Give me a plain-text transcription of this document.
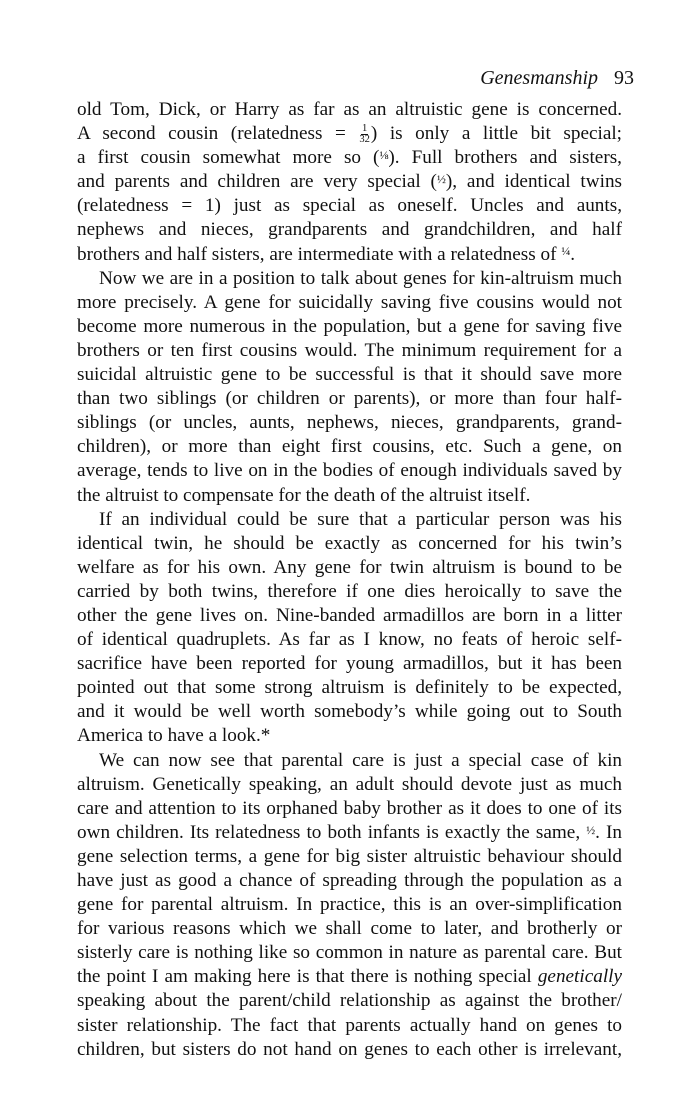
Genesmanship 93
old Tom, Dick, or Harry as far as an altruistic gene is concerned.
A second cousin (relatedness = $\frac{1}{32}$ ) is only a little bit special;
a first cousin somewhat more so (⅛). Full brothers and sisters,
and parents and children are very special (½), and identical twins
(relatedness = 1) just as special as oneself. Uncles and aunts,
nephews and nieces, grandparents and grandchildren, and half
brothers and half sisters, are intermediate with a relatedness of ¼.
Now we are in a position to talk about genes for kin-altruism much
more precisely. A gene for suicidally saving five cousins would not
become more numerous in the population, but a gene for saving five
brothers or ten first cousins would. The minimum requirement for a
suicidal altruistic gene to be successful is that it should save more
than two siblings (or children or parents), or more than four half-
siblings (or uncles, aunts, nephews, nieces, grandparents, grand-
children), or more than eight first cousins, etc. Such a gene, on
average, tends to live on in the bodies of enough individuals saved by
the altruist to compensate for the death of the altruist itself.
If an individual could be sure that a particular person was his
identical twin, he should be exactly as concerned for his twin’s
welfare as for his own. Any gene for twin altruism is bound to be
carried by both twins, therefore if one dies heroically to save the
other the gene lives on. Nine-banded armadillos are born in a litter
of identical quadruplets. As far as I know, no feats of heroic self-
sacrifice have been reported for young armadillos, but it has been
pointed out that some strong altruism is definitely to be expected,
and it would be well worth somebody’s while going out to South
America to have a look.*
We can now see that parental care is just a special case of kin
altruism. Genetically speaking, an adult should devote just as much
care and attention to its orphaned baby brother as it does to one of its
own children. Its relatedness to both infants is exactly the same, ½. In
gene selection terms, a gene for big sister altruistic behaviour should
have just as good a chance of spreading through the population as a
gene for parental altruism. In practice, this is an over-simplification
for various reasons which we shall come to later, and brotherly or
sisterly care is nothing like so common in nature as parental care. But
the point I am making here is that there is nothing special genetically
speaking about the parent/child relationship as against the brother/
sister relationship. The fact that parents actually hand on genes to
children, but sisters do not hand on genes to each other is irrelevant,
